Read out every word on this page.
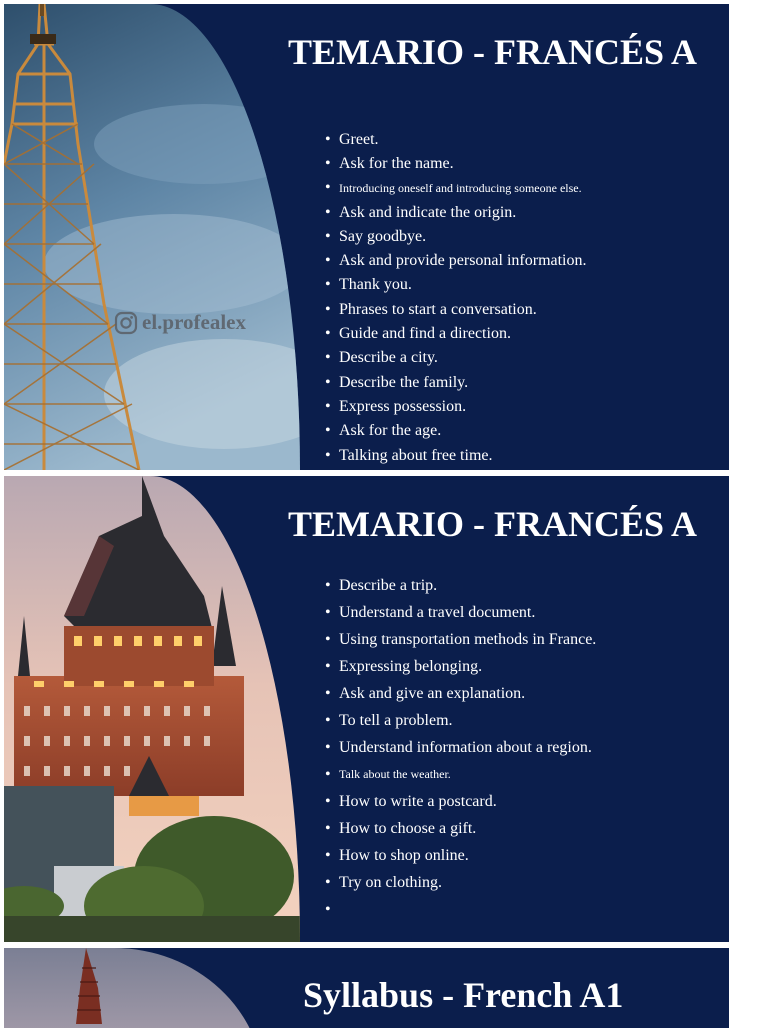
TEMARIO - FRANCÉS A
el.profealex
• Greet.
• Ask for the name.
• Introducing oneself and introducing someone else.
• Ask and indicate the origin.
• Say goodbye.
• Ask and provide personal information.
• Thank you.
• Phrases to start a conversation.
• Guide and find a direction.
• Describe a city.
• Describe the family.
• Express possession.
• Ask for the age.
• Talking about free time.
TEMARIO - FRANCÉS A
• Describe a trip.
• Understand a travel document.
• Using transportation methods in France.
• Expressing belonging.
• Ask and give an explanation.
• To tell a problem.
• Understand information about a region.
• Talk about the weather.
• How to write a postcard.
• How to choose a gift.
• How to shop online.
• Try on clothing.
Syllabus - French A1
